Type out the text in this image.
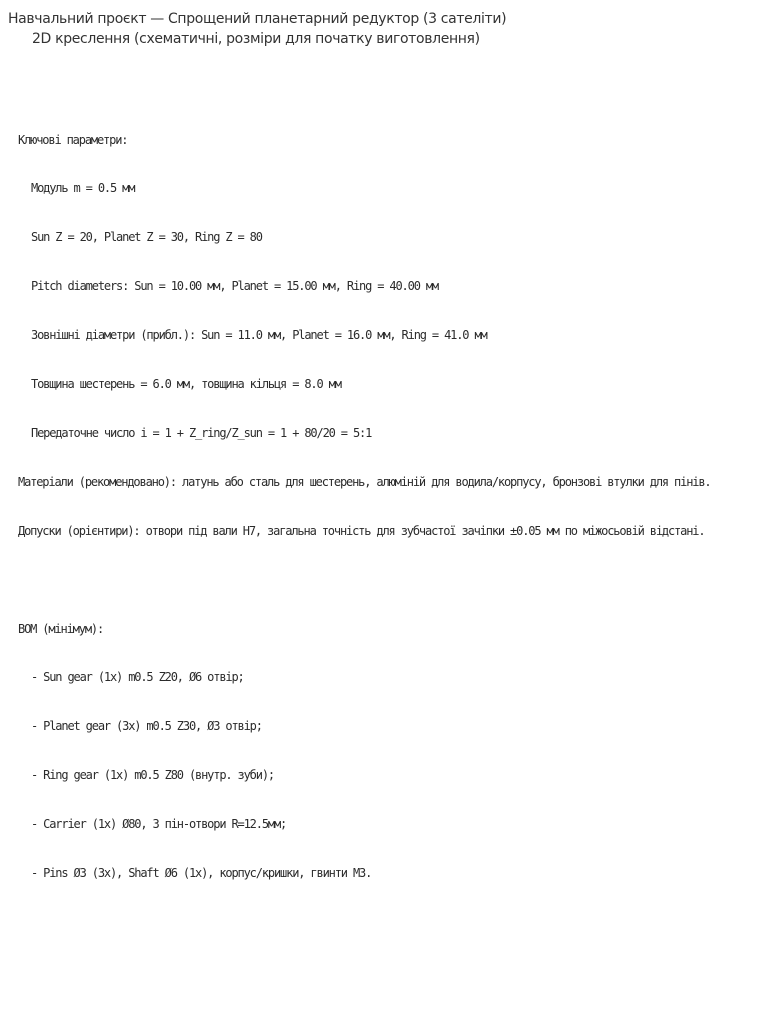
Навчальний проєкт — Спрощений планетарний редуктор (3 сателіти)
2D креслення (схематичні, розміри для початку виготовлення)

Ключові параметри:

Модуль m = 0.5 мм

Sun Z = 20, Planet Z = 30, Ring Z = 80

Pitch diameters: Sun = 10.00 мм, Planet = 15.00 мм, Ring = 40.00 мм

Зовнішні діаметри (прибл.): Sun = 11.0 мм, Planet = 16.0 мм, Ring = 41.0 мм

Товщина шестерень = 6.0 мм, товщина кільця = 8.0 мм

Передаточне число i = 1 + Z_ring/Z_sun = 1 + 80/20 = 5:1

Матеріали (рекомендовано): латунь або сталь для шестерень, алюміній для водила/корпусу, бронзові втулки для пінів.

Допуски (орієнтири): отвори під вали H7, загальна точність для зубчастої зачіпки ±0.05 мм по міжосьовій відстані.

BOM (мінімум):

- Sun gear (1x) m0.5 Z20, Ø6 отвір;

- Planet gear (3x) m0.5 Z30, Ø3 отвір;

- Ring gear (1x) m0.5 Z80 (внутр. зуби);

- Carrier (1x) Ø80, 3 пін-отвори R=12.5мм;

- Pins Ø3 (3x), Shaft Ø6 (1x), корпус/кришки, гвинти М3.
